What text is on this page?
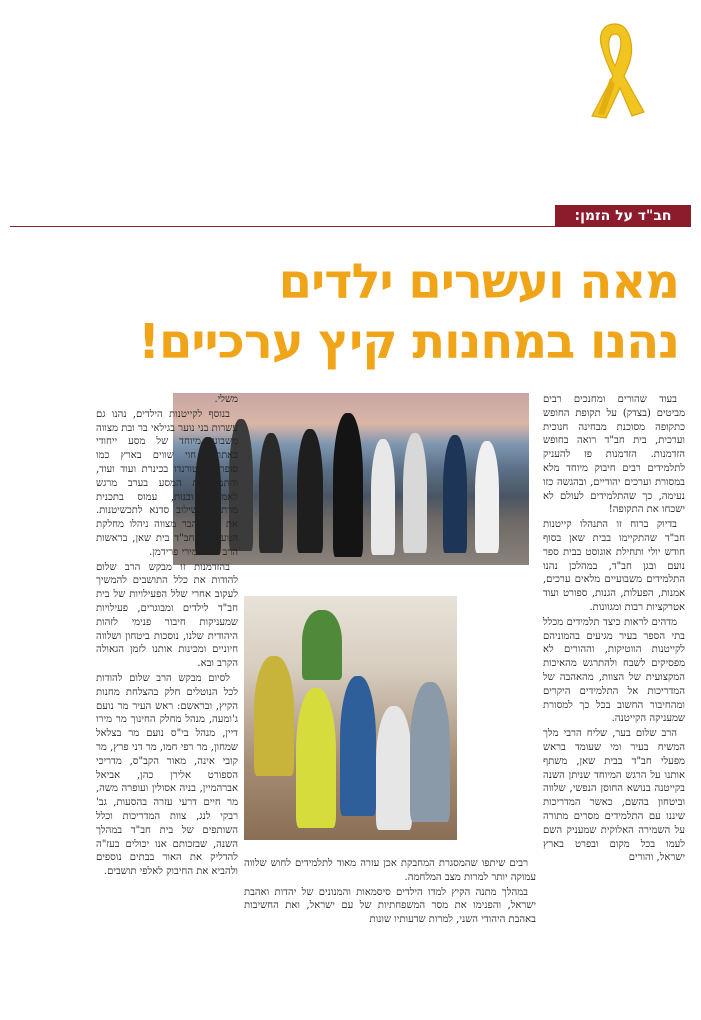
חב"ד על הזמן:
מאה ועשרים ילדים
נהנו במחנות קיץ ערכיים!

בעוד שהורים ומחנכים רבים מביטים (בצדק) על תקופת החופש כתקופה מסוכנת מבחינה חנוכית וערכית, בית חב"ד רואה בחופש הזדמנות. הזדמנות פז להעניק לתלמידים רבים חיבוק מיוחד מלא במסורת וערכים יהודיים, ובהגשה כזו נעימה, כך שהתלמידים לעולם לא ישכחו את התקופה!

בדיוק ברוח זו התנהלו קייטנות חב"ד שהתקיימו בבית שאן בסוף חודש יולי ותחילת אוגוסט בבית ספר נועם ובגן חב"ד, במהלכן נהנו התלמידים משבועיים מלאים ערכים, אמנות, הפעלות, הגנות, ספורט ועוד אטרקציות רבות ומגוונות.

מדהים לראות כיצד תלמידים מכלל בתי הספר בעיר מגיעים בהמוניהם לקייטנות הווטיקות, וההורים לא מפסיקים לשבח ולהתרגש מהאיכות המקצועית של הצוות, מהאהבה של המדריכות אל התלמידים היקרים ומהחיבור החשוב בכל כך למסורת שמעניקה הקייטנה.

הרב שלום בער, שליח הרבי מלך המשיח בעיר ומי שעומד בראש מפעלי חב"ד בבית שאן, משתף אותנו על הרגש המיוחד שניתן השנה בקייטנה בנושא החוסן הנפשי, שלווה וביטחון בהשם, כאשר המדריכות שיננו עם התלמידים מסרים מתורה על השמירה האלוקית שמעניק השם לעמו בכל מקום ובפרט בארץ ישראל, והורים

רבים שיתפו שהמסגרת המחבקת אכן עזרה מאוד לתלמידים לחוש שלווה עמוקה יותר למרות מצב המלחמה.

במהלך מתנה הקיץ למדו הילדים סיסמאות והמנונים של יהדות ואהבת ישראל, והפנימו את מסר המשפחתיות של עם ישראל, ואת החשיבות באהבת היהודי השני, למרות שדעותיו שונות

משלי.

בנוסף לקייטנות הילדים, נהנו גם עשרות בני נוער בגילאי בר ובת מצווה משבוע מיוחד של מסע ייחודי באתרים חוי שווים בארץ כמו סופרלנד, טורנדו בכינרת ועוד ועוד, והתמו את המסע בערב מרגש לאמהות ובנות, עמוס בתכנית מרתקת בשילוב סדנא לתכשיטנות. את מסע הבר מצווה ניהלו מחלקת הנוער של חב"ד בית שאן, בראשות הרב בנצי ומירי פרידמן.

בהזדמנות זו מבקש הרב שלום להודות את כלל התושבים להמשיך לעקוב אחרי שלל הפעילויות של בית חב"ד לילדים ומבוגרים, פעילויות שמעניקות חיבור פנימי לזהות היהודית שלנו, נוסכות ביטחון ושלווה חיוניים ומכינות אותנו לזמן הגאולה הקרב ובא.

לסיום מבקש הרב שלום להודות לכל הנוטלים חלק בהצלחת מחנות הקיץ, ובראשם: ראש העיר מר נועם ג'ומעה, מנהל מחלק החינוך מר מירו דיין, מנהל בי"ס נועם מר בצלאל שמחון, מר רפי חמו, מר דני פרץ, מר קובי אינה, מאור הקב"ס, מדריכי הספורט אלירן כהן, אביאל אברהמיין, בניה אסולין ועופרה משה, מר חיים דרעי עזרה בהסעות, גב' רבקי לנג, צוות המדריכות וכלל השותפים של בית חב"ד במהלך השנה, שבזכותם אנו יכולים בעז"ה להדליק את האור בבתים נוספים ולהביא את החיבוק לאלפי תושבים.
